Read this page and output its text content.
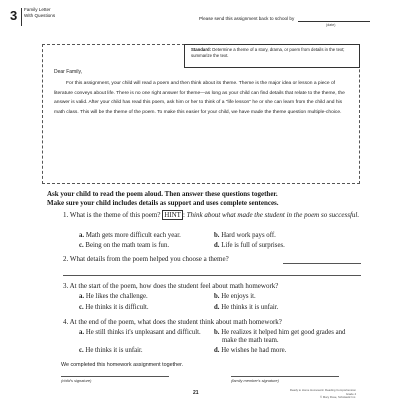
3 Family Letter
With Questions
Please send this assignment back to school by
(date)
Standard: Determine a theme of a story, drama, or poem from details in the text; summarize the text.
Dear Family,
For this assignment, your child will read a poem and then think about its theme. Theme is the major idea or lesson a piece of literature conveys about life. There is no one right answer for theme—as long as your child can find details that relate to the theme, the answer is valid. After your child has read this poem, ask him or her to think of a "life lesson" he or she can learn from the child and his math class. This will be the theme of the poem. To make this easier for your child, we have made the theme question multiple-choice.
Ask your child to read the poem aloud. Then answer these questions together.
Make sure your child includes details as support and uses complete sentences.
1. What is the theme of this poem? HINT : Think about what made the student in the poem so successful.
a. Math gets more difficult each year.	b. Hard work pays off.
c. Being on the math team is fun.	d. Life is full of surprises.
2. What details from the poem helped you choose a theme?
3. At the start of the poem, how does the student feel about math homework?
a. He likes the challenge.	b. He enjoys it.
c. He thinks it is difficult.	d. He thinks it is unfair.
4. At the end of the poem, what does the student think about math homework?
a. He still thinks it's unpleasant and difficult.	b. He realizes it helped him get good grades and make the math team.
c. He thinks it is unfair.	d. He wishes he had more.
We completed this homework assignment together.
(child's signature)	(family member's signature)
21	Ready to Home Homework: Reading Comprehension Grade 4
© Mary Rose, Scholastic Inc.
